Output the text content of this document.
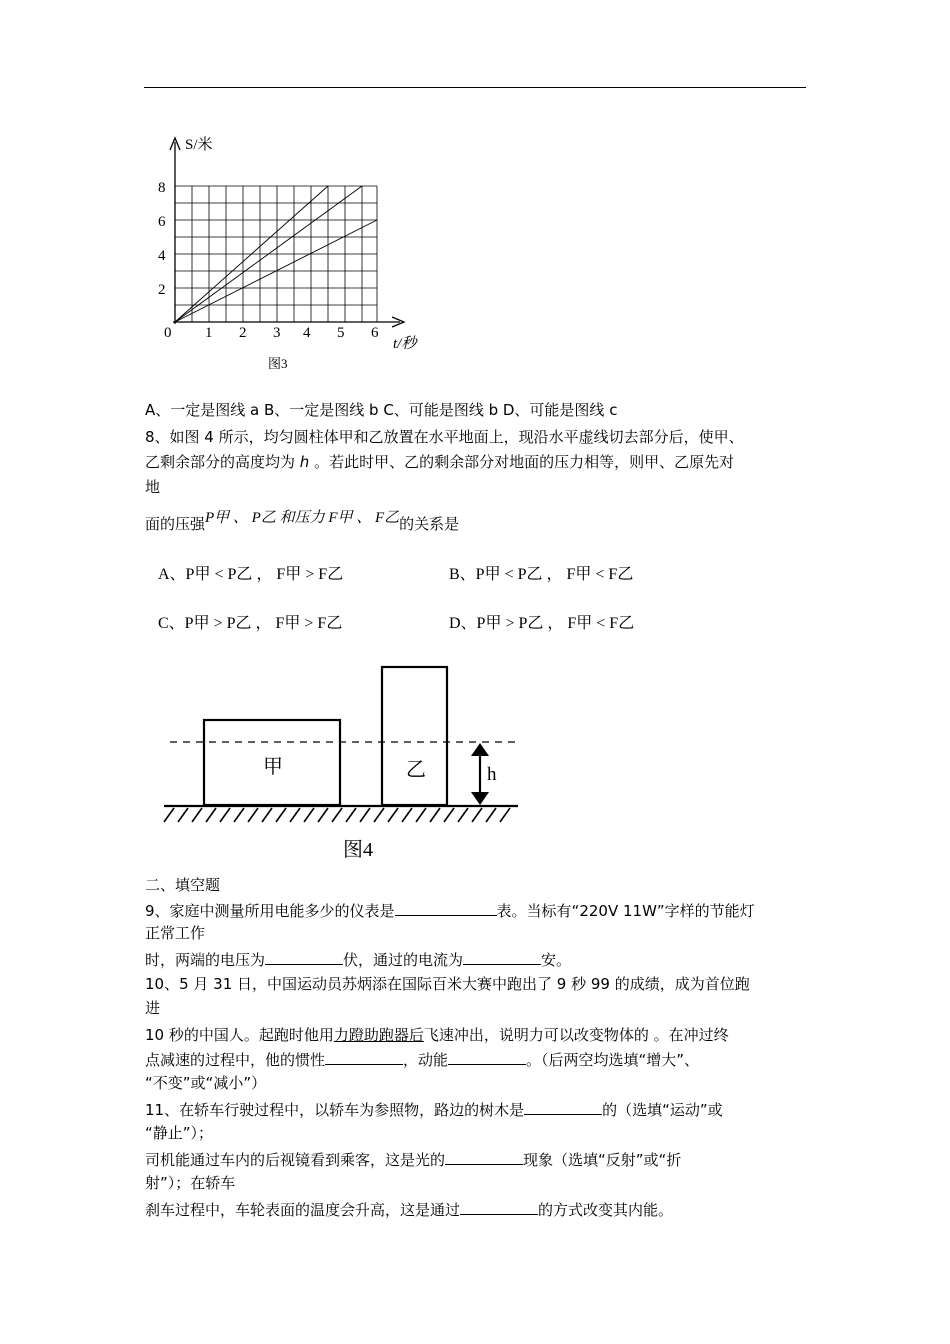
S/米
8
6
4
2
0 1 2 3 4 5 6
t/秒
图3
A、一定是图线 a B、一定是图线 b C、可能是图线 b D、可能是图线 c
8、如图 4 所示，均匀圆柱体甲和乙放置在水平地面上，现沿水平虚线切去部分后，使甲、
乙剩余部分的高度均为 h 。若此时甲、乙的剩余部分对地面的压力相等，则甲、乙原先对
地
面的压强P甲 、 P乙 和压力 F甲 、 F乙的关系是
A、P甲 < P乙 ， F甲 > F乙	B、P甲 < P乙 ， F甲 < F乙
C、P甲 > P乙 ， F甲 > F乙	D、P甲 > P乙 ， F甲 < F乙
甲	乙	h
图4
二、填空题
9、家庭中测量所用电能多少的仪表是	表。当标有“220V 11W”字样的节能灯
正常工作
时，两端的电压为	伏，通过的电流为	安。
10、5 月 31 日，中国运动员苏炳添在国际百米大赛中跑出了 9 秒 99 的成绩，成为首位跑
进
10 秒的中国人。起跑时他用力蹬助跑器后飞速冲出，说明力可以改变物体的 。在冲过终
点减速的过程中，他的惯性	，动能	。（后两空均选填“增大”、
“不变”或“减小”）
11、在轿车行驶过程中，以轿车为参照物，路边的树木是	的（选填“运动”或
“静止”）；
司机能通过车内的后视镜看到乘客，这是光的	现象（选填“反射”或“折
射”）；在轿车
刹车过程中，车轮表面的温度会升高，这是通过	的方式改变其内能。
